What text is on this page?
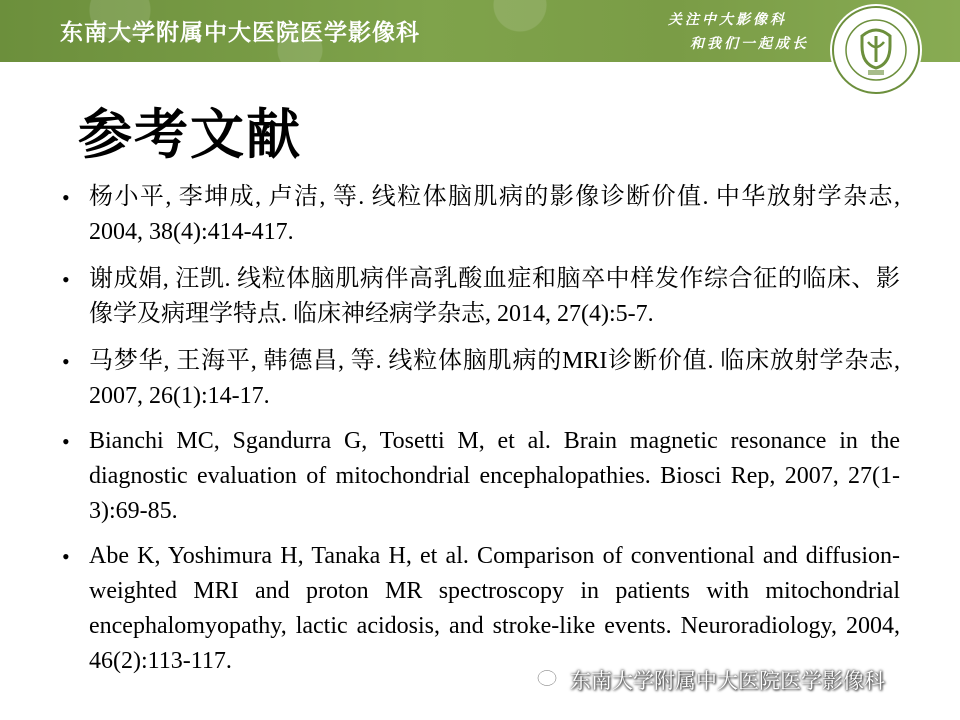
东南大学附属中大医院医学影像科	关注中大影像科
和我们一起成长
参考文献
• 杨小平, 李坤成, 卢洁, 等. 线粒体脑肌病的影像诊断价值. 中华放射学杂志, 2004, 38(4):414-417.
• 谢成娟, 汪凯. 线粒体脑肌病伴高乳酸血症和脑卒中样发作综合征的临床、影像学及病理学特点. 临床神经病学杂志, 2014, 27(4):5-7.
• 马梦华, 王海平, 韩德昌, 等. 线粒体脑肌病的MRI诊断价值. 临床放射学杂志, 2007, 26(1):14-17.
• Bianchi MC, Sgandurra G, Tosetti M, et al. Brain magnetic resonance in the diagnostic evaluation of mitochondrial encephalopathies. Biosci Rep, 2007, 27(1-3):69-85.
• Abe K, Yoshimura H, Tanaka H, et al. Comparison of conventional and diffusion-weighted MRI and proton MR spectroscopy in patients with mitochondrial encephalomyopathy, lactic acidosis, and stroke-like events. Neuroradiology, 2004, 46(2):113-117.
东南大学附属中大医院医学影像科
